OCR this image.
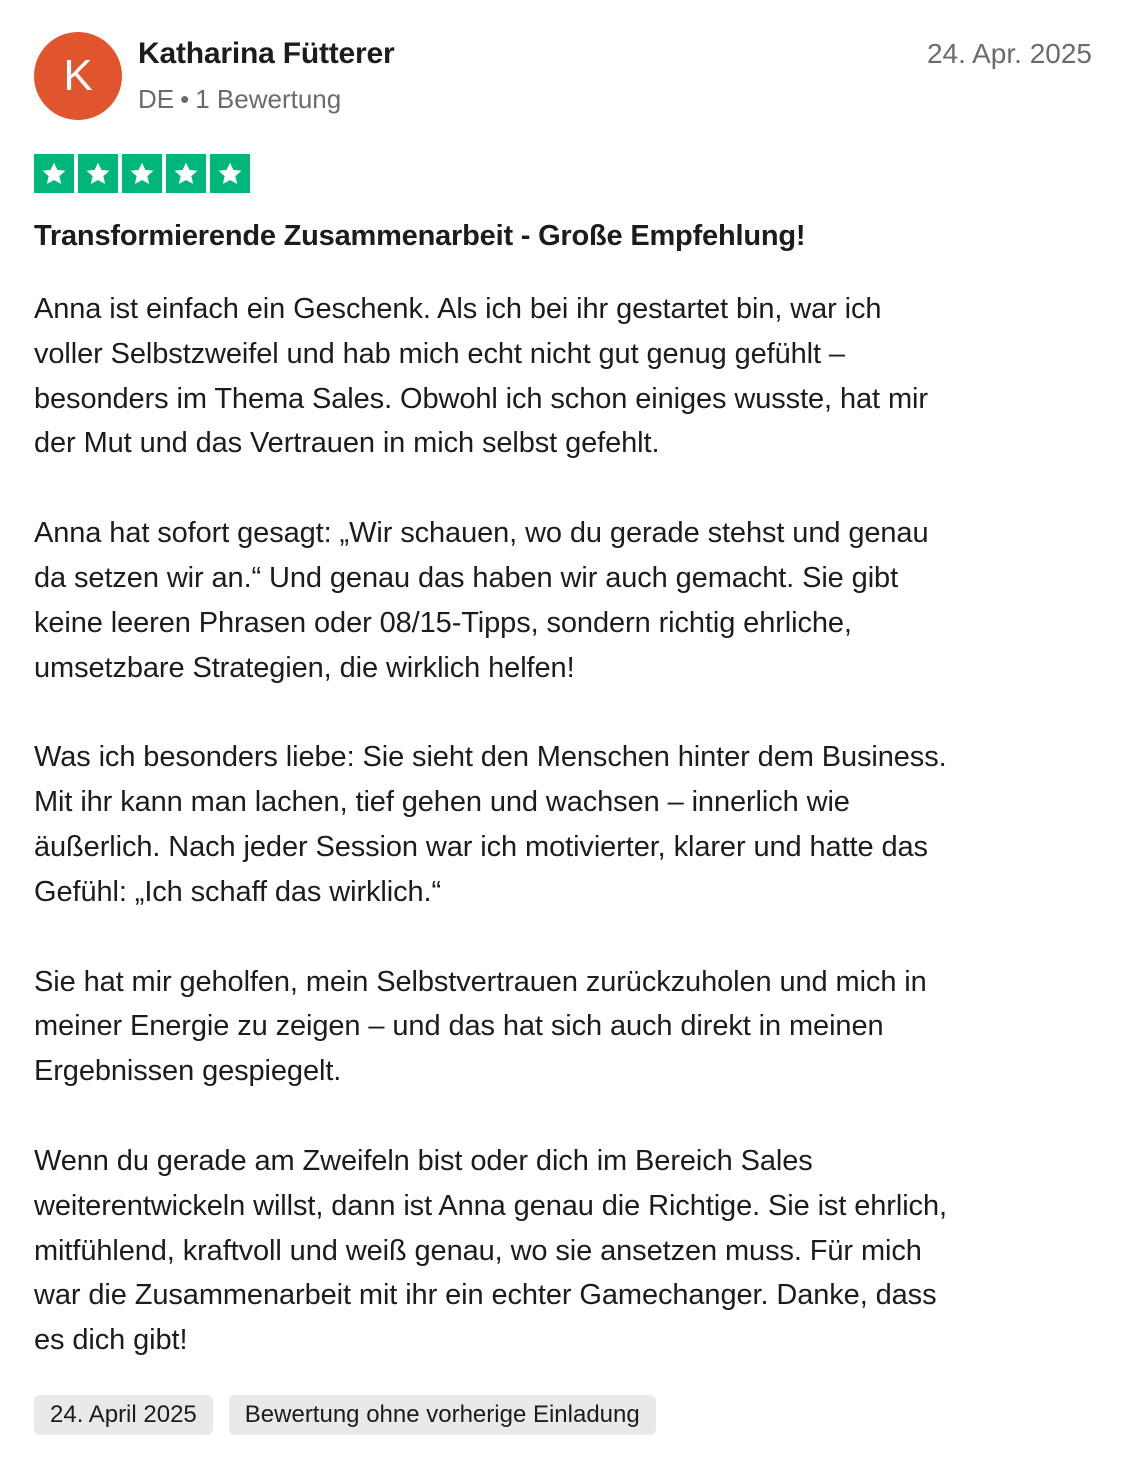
K	Katharina Fütterer
DE • 1 Bewertung
24. Apr. 2025
Transformierende Zusammenarbeit - Große Empfehlung!

Anna ist einfach ein Geschenk. Als ich bei ihr gestartet bin, war ich
voller Selbstzweifel und hab mich echt nicht gut genug gefühlt –
besonders im Thema Sales. Obwohl ich schon einiges wusste, hat mir
der Mut und das Vertrauen in mich selbst gefehlt.

Anna hat sofort gesagt: „Wir schauen, wo du gerade stehst und genau
da setzen wir an.“ Und genau das haben wir auch gemacht. Sie gibt
keine leeren Phrasen oder 08/15-Tipps, sondern richtig ehrliche,
umsetzbare Strategien, die wirklich helfen!

Was ich besonders liebe: Sie sieht den Menschen hinter dem Business.
Mit ihr kann man lachen, tief gehen und wachsen – innerlich wie
äußerlich. Nach jeder Session war ich motivierter, klarer und hatte das
Gefühl: „Ich schaff das wirklich.“

Sie hat mir geholfen, mein Selbstvertrauen zurückzuholen und mich in
meiner Energie zu zeigen – und das hat sich auch direkt in meinen
Ergebnissen gespiegelt.

Wenn du gerade am Zweifeln bist oder dich im Bereich Sales
weiterentwickeln willst, dann ist Anna genau die Richtige. Sie ist ehrlich,
mitfühlend, kraftvoll und weiß genau, wo sie ansetzen muss. Für mich
war die Zusammenarbeit mit ihr ein echter Gamechanger. Danke, dass
es dich gibt!

24. April 2025	Bewertung ohne vorherige Einladung
